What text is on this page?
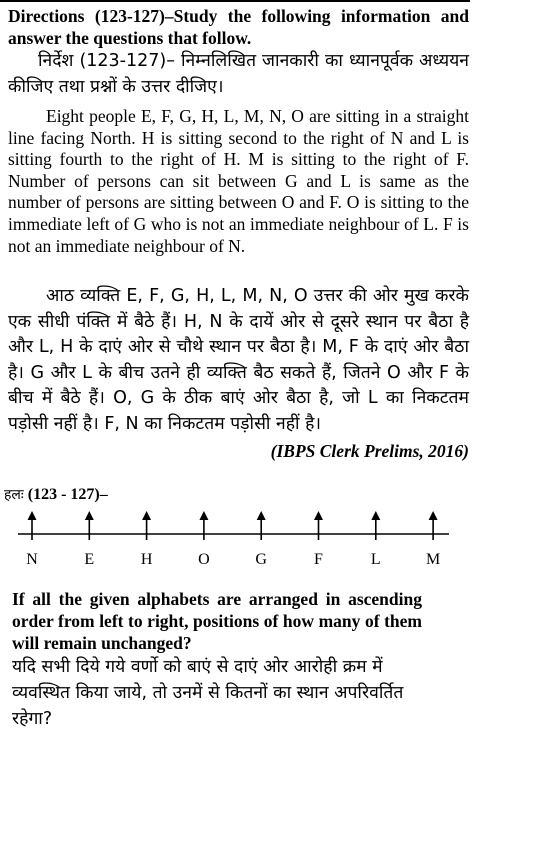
Directions (123-127)–Study the following information and answer the questions that follow.
निर्देश (123-127)– निम्नलिखित जानकारी का ध्यानपूर्वक अध्ययन कीजिए तथा प्रश्नों के उत्तर दीजिए।
Eight people E, F, G, H, L, M, N, O are sitting in a straight line facing North. H is sitting second to the right of N and L is sitting fourth to the right of H. M is sitting to the right of F. Number of persons can sit between G and L is same as the number of persons are sitting between O and F. O is sitting to the immediate left of G who is not an immediate neighbour of L. F is not an immediate neighbour of N.
आठ व्यक्ति E, F, G, H, L, M, N, O उत्तर की ओर मुख करके एक सीधी पंक्ति में बैठे हैं। H, N के दायें ओर से दूसरे स्थान पर बैठा है और L, H के दाएं ओर से चौथे स्थान पर बैठा है। M, F के दाएं ओर बैठा है। G और L के बीच उतने ही व्यक्ति बैठ सकते हैं, जितने O और F के बीच में बैठे हैं। O, G के ठीक बाएं ओर बैठा है, जो L का निकटतम पड़ोसी नहीं है। F, N का निकटतम पड़ोसी नहीं है।
(IBPS Clerk Prelims, 2016)
हलः (123 - 127)–
N	E	H	O	G	F	L	M
If all the given alphabets are arranged in ascending order from left to right, positions of how many of them will remain unchanged?
यदि सभी दिये गये वर्णो को बाएं से दाएं ओर आरोही क्रम में व्यवस्थित किया जाये, तो उनमें से कितनों का स्थान अपरिवर्तित रहेगा?
